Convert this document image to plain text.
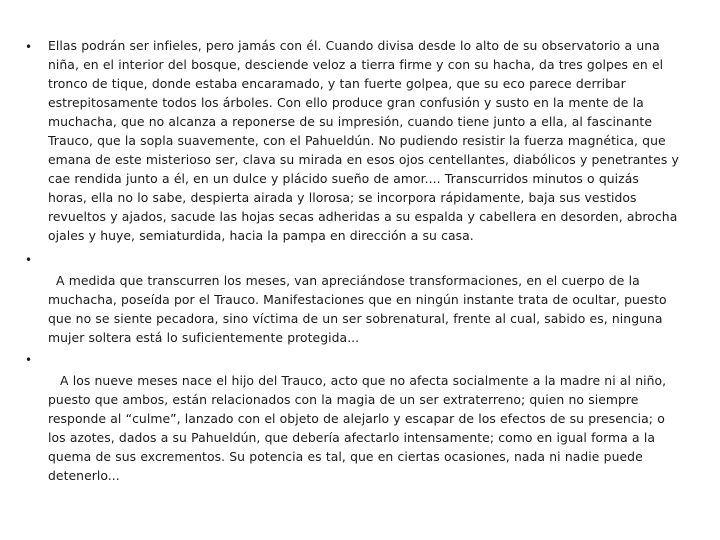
• Ellas podrán ser infieles, pero jamás con él. Cuando divisa desde lo alto de su observatorio a una niña, en el interior del bosque, desciende veloz a tierra firme y con su hacha, da tres golpes en el tronco de tique, donde estaba encaramado, y tan fuerte golpea, que su eco parece derribar estrepitosamente todos los árboles. Con ello produce gran confusión y susto en la mente de la muchacha, que no alcanza a reponerse de su impresión, cuando tiene junto a ella, al fascinante Trauco, que la sopla suavemente, con el Pahueldún. No pudiendo resistir la fuerza magnética, que emana de este misterioso ser, clava su mirada en esos ojos centellantes, diabólicos y penetrantes y cae rendida junto a él, en un dulce y plácido sueño de amor.... Transcurridos minutos o quizás horas, ella no lo sabe, despierta airada y llorosa; se incorpora rápidamente, baja sus vestidos revueltos y ajados, sacude las hojas secas adheridas a su espalda y cabellera en desorden, abrocha ojales y huye, semiaturdida, hacia la pampa en dirección a su casa.

•

A medida que transcurren los meses, van apreciándose transformaciones, en el cuerpo de la muchacha, poseída por el Trauco. Manifestaciones que en ningún instante trata de ocultar, puesto que no se siente pecadora, sino víctima de un ser sobrenatural, frente al cual, sabido es, ninguna mujer soltera está lo suficientemente protegida...

•

A los nueve meses nace el hijo del Trauco, acto que no afecta socialmente a la madre ni al niño, puesto que ambos, están relacionados con la magia de un ser extraterreno; quien no siempre responde al “culme”, lanzado con el objeto de alejarlo y escapar de los efectos de su presencia; o los azotes, dados a su Pahueldún, que debería afectarlo intensamente; como en igual forma a la quema de sus excrementos. Su potencia es tal, que en ciertas ocasiones, nada ni nadie puede detenerlo...
